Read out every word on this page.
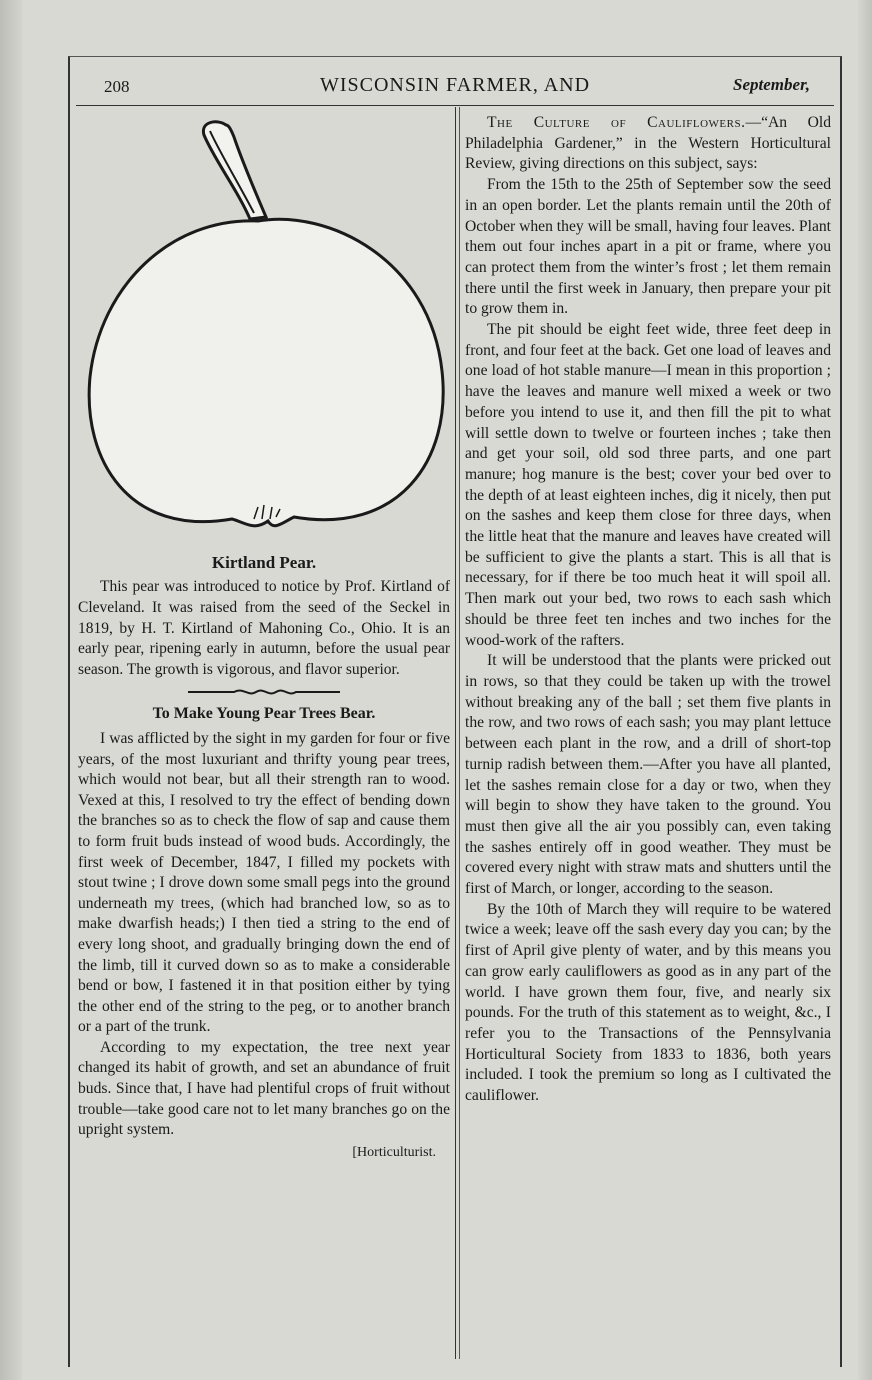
208	WISCONSIN FARMER, AND	September,
Kirtland Pear.

This pear was introduced to notice by Prof. Kirtland of Cleveland. It was raised from the seed of the Seckel in 1819, by H. T. Kirtland of Mahoning Co., Ohio. It is an early pear, ripening early in autumn, before the usual pear season. The growth is vigorous, and flavor superior.

To Make Young Pear Trees Bear.

I was afflicted by the sight in my garden for four or five years, of the most luxuriant and thrifty young pear trees, which would not bear, but all their strength ran to wood. Vexed at this, I resolved to try the effect of bending down the branches so as to check the flow of sap and cause them to form fruit buds instead of wood buds. Accordingly, the first week of December, 1847, I filled my pockets with stout twine ; I drove down some small pegs into the ground underneath my trees, (which had branched low, so as to make dwarfish heads;) I then tied a string to the end of every long shoot, and gradually bringing down the end of the limb, till it curved down so as to make a considerable bend or bow, I fastened it in that position either by tying the other end of the string to the peg, or to another branch or a part of the trunk.

According to my expectation, the tree next year changed its habit of growth, and set an abundance of fruit buds. Since that, I have had plentiful crops of fruit without trouble—take good care not to let many branches go on the upright system.

[Horticulturist.

The Culture of Cauliflowers.—“An Old Philadelphia Gardener,” in the Western Horticultural Review, giving directions on this subject, says:

From the 15th to the 25th of September sow the seed in an open border. Let the plants remain until the 20th of October when they will be small, having four leaves. Plant them out four inches apart in a pit or frame, where you can protect them from the winter’s frost ; let them remain there until the first week in January, then prepare your pit to grow them in.

The pit should be eight feet wide, three feet deep in front, and four feet at the back. Get one load of leaves and one load of hot stable manure—I mean in this proportion ; have the leaves and manure well mixed a week or two before you intend to use it, and then fill the pit to what will settle down to twelve or fourteen inches ; take then and get your soil, old sod three parts, and one part manure; hog manure is the best; cover your bed over to the depth of at least eighteen inches, dig it nicely, then put on the sashes and keep them close for three days, when the little heat that the manure and leaves have created will be sufficient to give the plants a start. This is all that is necessary, for if there be too much heat it will spoil all. Then mark out your bed, two rows to each sash which should be three feet ten inches and two inches for the wood-work of the rafters.

It will be understood that the plants were pricked out in rows, so that they could be taken up with the trowel without breaking any of the ball ; set them five plants in the row, and two rows of each sash; you may plant lettuce between each plant in the row, and a drill of short-top turnip radish between them.—After you have all planted, let the sashes remain close for a day or two, when they will begin to show they have taken to the ground. You must then give all the air you possibly can, even taking the sashes entirely off in good weather. They must be covered every night with straw mats and shutters until the first of March, or longer, according to the season.

By the 10th of March they will require to be watered twice a week; leave off the sash every day you can; by the first of April give plenty of water, and by this means you can grow early cauliflowers as good as in any part of the world. I have grown them four, five, and nearly six pounds. For the truth of this statement as to weight, &c., I refer you to the Transactions of the Pennsylvania Horticultural Society from 1833 to 1836, both years included. I took the premium so long as I cultivated the cauliflower.
